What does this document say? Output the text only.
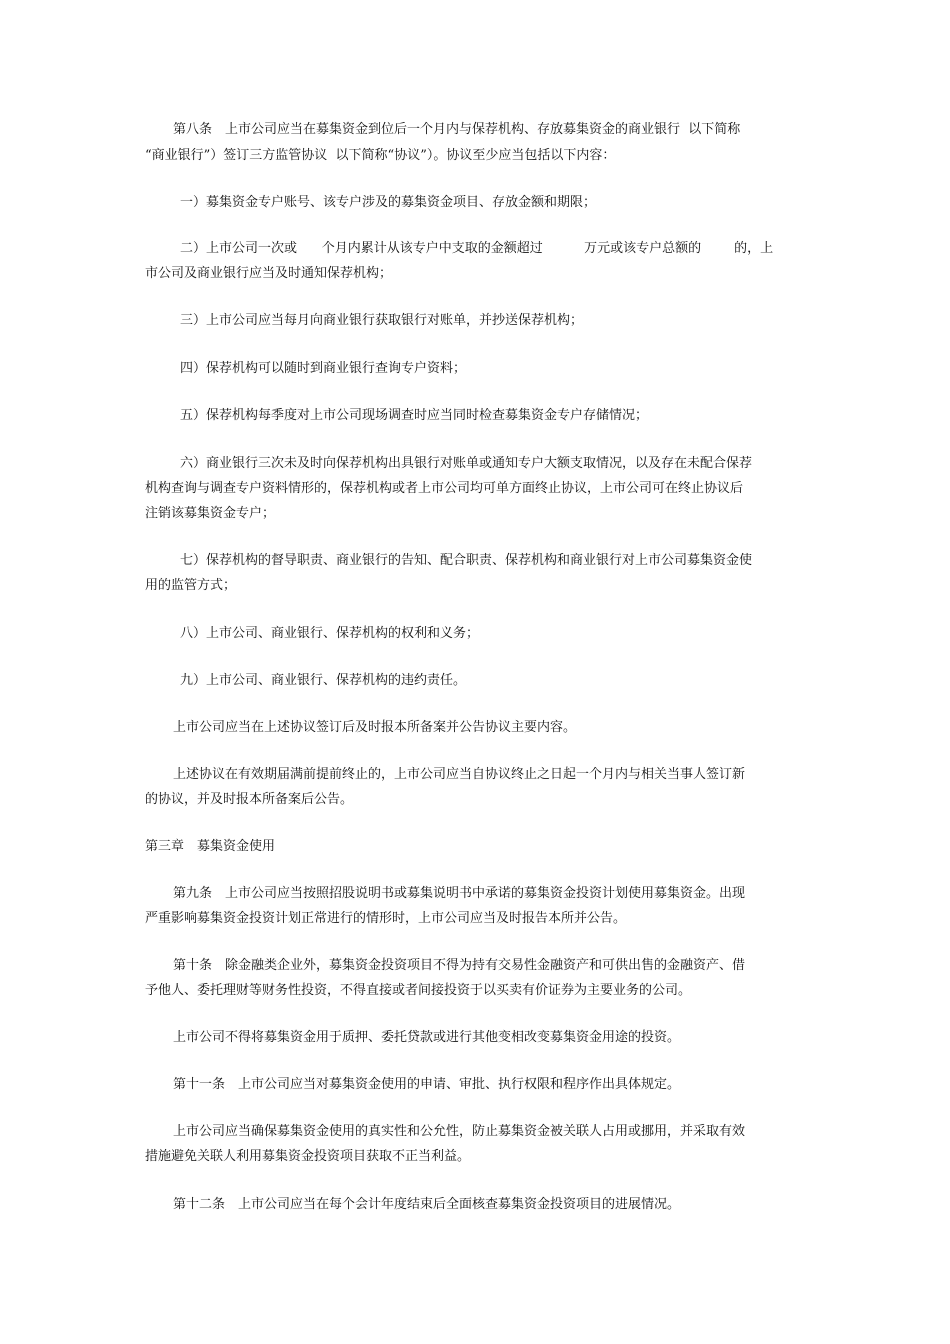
第八条　上市公司应当在募集资金到位后一个月内与保荐机构、存放募集资金的商业银行  以下简称
“商业银行”）签订三方监管协议  以下简称“协议”）。协议至少应当包括以下内容：
一）募集资金专户账号、该专户涉及的募集资金项目、存放金额和期限；
二）上市公司一次或      个月内累计从该专户中支取的金额超过          万元或该专户总额的        的，上
市公司及商业银行应当及时通知保荐机构；
三）上市公司应当每月向商业银行获取银行对账单，并抄送保荐机构；
四）保荐机构可以随时到商业银行查询专户资料；
五）保荐机构每季度对上市公司现场调查时应当同时检查募集资金专户存储情况；
六）商业银行三次未及时向保荐机构出具银行对账单或通知专户大额支取情况，以及存在未配合保荐
机构查询与调查专户资料情形的，保荐机构或者上市公司均可单方面终止协议，上市公司可在终止协议后
注销该募集资金专户；
七）保荐机构的督导职责、商业银行的告知、配合职责、保荐机构和商业银行对上市公司募集资金使
用的监管方式；
八）上市公司、商业银行、保荐机构的权利和义务；
九）上市公司、商业银行、保荐机构的违约责任。
上市公司应当在上述协议签订后及时报本所备案并公告协议主要内容。
上述协议在有效期届满前提前终止的，上市公司应当自协议终止之日起一个月内与相关当事人签订新
的协议，并及时报本所备案后公告。
第三章　募集资金使用
第九条　上市公司应当按照招股说明书或募集说明书中承诺的募集资金投资计划使用募集资金。出现
严重影响募集资金投资计划正常进行的情形时，上市公司应当及时报告本所并公告。
第十条　除金融类企业外，募集资金投资项目不得为持有交易性金融资产和可供出售的金融资产、借
予他人、委托理财等财务性投资，不得直接或者间接投资于以买卖有价证券为主要业务的公司。
上市公司不得将募集资金用于质押、委托贷款或进行其他变相改变募集资金用途的投资。
第十一条　上市公司应当对募集资金使用的申请、审批、执行权限和程序作出具体规定。
上市公司应当确保募集资金使用的真实性和公允性，防止募集资金被关联人占用或挪用，并采取有效
措施避免关联人利用募集资金投资项目获取不正当利益。
第十二条　上市公司应当在每个会计年度结束后全面核查募集资金投资项目的进展情况。
